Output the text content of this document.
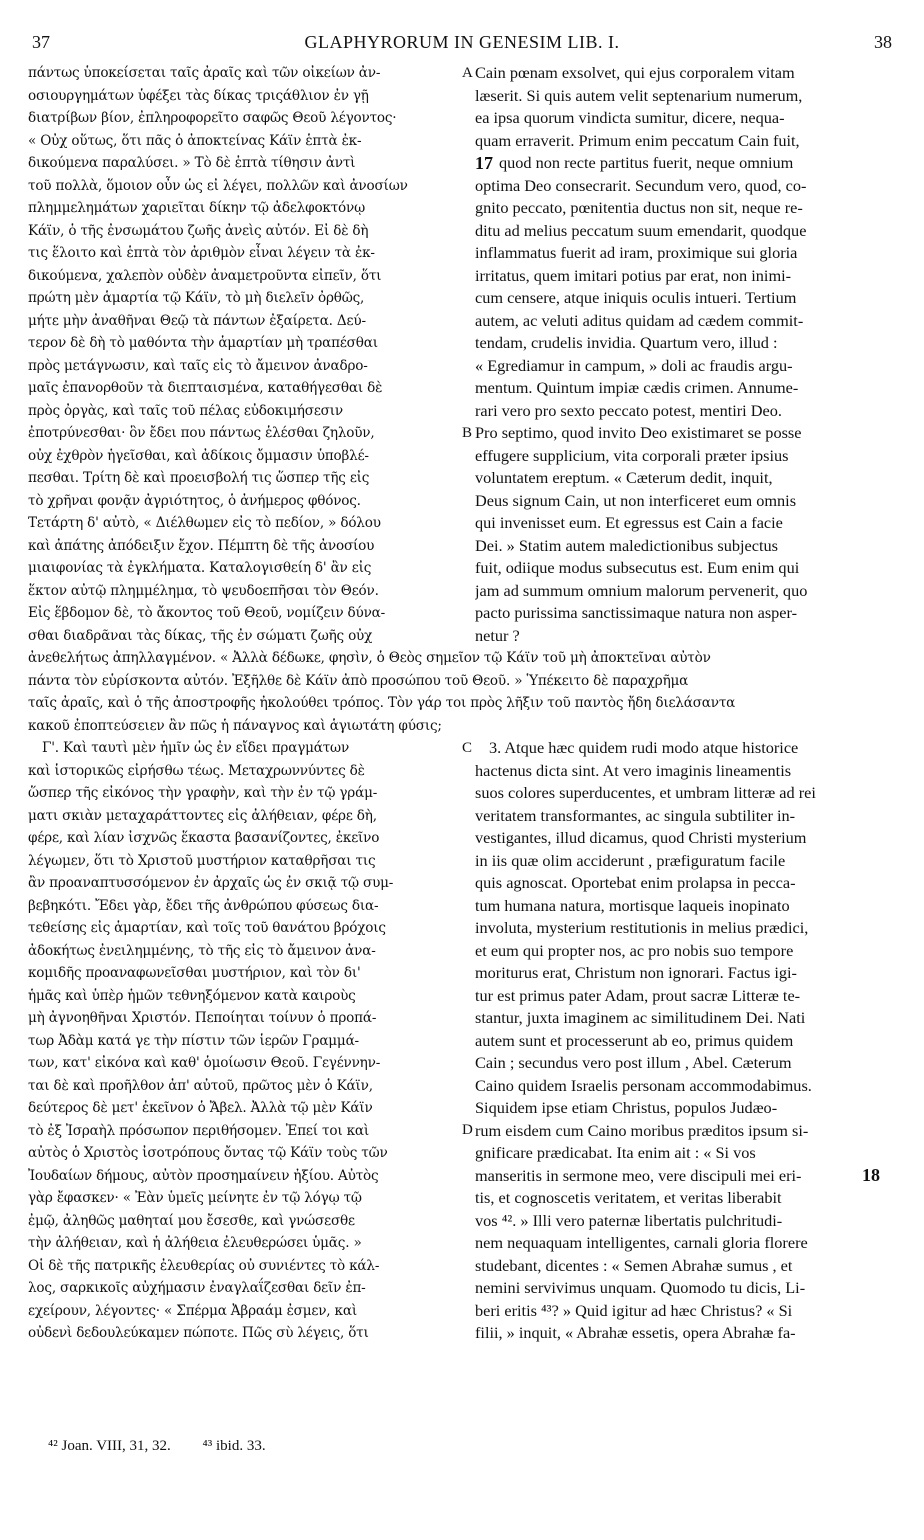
37	GLAPHYRORUM IN GENESIM LIB. I.	38
πάντως ὑποκείσεται ταῖς ἀραῖς καὶ τῶν οἰκείων ἀν-
οσιουργημάτων ὑφέξει τὰς δίκας τριςάθλιον ἐν γῇ
διατρίβων βίον, ἐπληροφορεῖτο σαφῶς Θεοῦ λέγοντος·
« Οὐχ οὕτως, ὅτι πᾶς ὁ ἀποκτείνας Κάϊν ἑπτὰ ἐκ-
δικούμενα παραλύσει. » Τὸ δὲ ἑπτὰ τίθησιν ἀντὶ
τοῦ πολλὰ, ὅμοιον οὖν ὡς εἰ λέγει, πολλῶν καὶ ἀνοσίων
πλημμελημάτων χαριεῖται δίκην τῷ ἀδελφοκτόνῳ
Κάϊν, ὁ τῆς ἐνσωμάτου ζωῆς ἀνεὶς αὐτόν. Εἰ δὲ δὴ
τις ἕλοιτο καὶ ἑπτὰ τὸν ἀριθμὸν εἶναι λέγειν τὰ ἐκ-
δικούμενα, χαλεπὸν οὐδὲν ἀναμετροῦντα εἰπεῖν, ὅτι
πρώτη μὲν ἁμαρτία τῷ Κάϊν, τὸ μὴ διελεῖν ὀρθῶς,
μήτε μὴν ἀναθῆναι Θεῷ τὰ πάντων ἐξαίρετα. Δεύ-
τερον δὲ δὴ τὸ μαθόντα τὴν ἁμαρτίαν μὴ τραπέσθαι
πρὸς μετάγνωσιν, καὶ ταῖς εἰς τὸ ἄμεινον ἀναδρο-
μαῖς ἐπανορθοῦν τὰ διεπταισμένα, καταθήγεσθαι δὲ
πρὸς ὀργὰς, καὶ ταῖς τοῦ πέλας εὐδοκιμήσεσιν
ἐποτρύνεσθαι· ὃν ἔδει που πάντως ἑλέσθαι ζηλοῦν,
οὐχ ἐχθρὸν ἡγεῖσθαι, καὶ ἀδίκοις ὄμμασιν ὑποβλέ-
πεσθαι. Τρίτη δὲ καὶ προεισβολή τις ὥσπερ τῆς εἰς
τὸ χρῆναι φονᾷν ἀγριότητος, ὁ ἀνήμερος φθόνος.
Τετάρτη δ' αὐτὸ, « Διέλθωμεν εἰς τὸ πεδίον, » δόλου
καὶ ἀπάτης ἀπόδειξιν ἔχον. Πέμπτη δὲ τῆς ἀνοσίου
μιαιφονίας τὰ ἐγκλήματα. Καταλογισθείη δ' ἂν εἰς
ἕκτον αὐτῷ πλημμέλημα, τὸ ψευδοεπῆσαι τὸν Θεόν.
Εἰς ἕβδομον δὲ, τὸ ἄκοντος τοῦ Θεοῦ, νομίζειν δύνα-
σθαι διαδρᾶναι τὰς δίκας, τῆς ἐν σώματι ζωῆς οὐχ
Cain pœnam exsolvet, qui ejus corporalem vitam
læserit. Si quis autem velit septenarium numerum,
ea ipsa quorum vindicta sumitur, dicere, nequa-
quam erraverit. Primum enim peccatum Cain fuit,
quod non recte partitus fuerit, neque omnium
optima Deo consecrarit. Secundum vero, quod, co-
gnito peccato, pœnitentia ductus non sit, neque re-
ditu ad melius peccatum suum emendarit, quodque
inflammatus fuerit ad iram, proximique sui gloria
irritatus, quem imitari potius par erat, non inimi-
cum censere, atque iniquis oculis intueri. Tertium
autem, ac veluti aditus quidam ad cædem commit-
tendam, crudelis invidia. Quartum vero, illud :
« Egrediamur in campum, » doli ac fraudis argu-
mentum. Quintum impiæ cædis crimen. Annume-
rari vero pro sexto peccato potest, mentiri Deo.
Pro septimo, quod invito Deo existimaret se posse
effugere supplicium, vita corporali præter ipsius
voluntatem ereptum. « Cæterum dedit, inquit,
Deus signum Cain, ut non interficeret eum omnis
qui invenisset eum. Et egressus est Cain a facie
Dei. » Statim autem maledictionibus subjectus
fuit, odiique modus subsecutus est. Eum enim qui
jam ad summum omnium malorum pervenerit, quo
pacto purissima sanctissimaque natura non asper-
netur ?
ἀνεθελήτως ἀπηλλαγμένον. « Ἀλλὰ δέδωκε, φησὶν, ὁ Θεὸς σημεῖον τῷ Κάϊν τοῦ μὴ ἀποκτεῖναι αὐτὸν
πάντα τὸν εὑρίσκοντα αὐτόν. Ἐξῆλθε δὲ Κάϊν ἀπὸ προσώπου τοῦ Θεοῦ. » Ὑπέκειτο δὲ παραχρῆμα
ταῖς ἀραῖς, καὶ ὁ τῆς ἀποστροφῆς ἠκολούθει τρόπος. Τὸν γάρ τοι πρὸς λῆξιν τοῦ παντὸς ἤδη διελάσαντα
κακοῦ ἐποπτεύσειεν ἂν πῶς ἡ πάναγνος καὶ ἁγιωτάτη φύσις;
Γ'. Καὶ ταυτὶ μὲν ἡμῖν ὡς ἐν εἴδει πραγμάτων
καὶ ἱστορικῶς εἰρήσθω τέως. Μεταχρωννύντες δὲ
ὥσπερ τῆς εἰκόνος τὴν γραφὴν, καὶ τὴν ἐν τῷ γράμ-
ματι σκιὰν μεταχαράττοντες εἰς ἀλήθειαν, φέρε δὴ,
φέρε, καὶ λίαν ἰσχνῶς ἕκαστα βασανίζοντες, ἐκεῖνο
λέγωμεν, ὅτι τὸ Χριστοῦ μυστήριον καταθρῆσαι τις
ἂν προαναπτυσσόμενον ἐν ἀρχαῖς ὡς ἐν σκιᾷ τῷ συμ-
βεβηκότι. Ἔδει γὰρ, ἔδει τῆς ἀνθρώπου φύσεως δια-
τεθείσης εἰς ἁμαρτίαν, καὶ τοῖς τοῦ θανάτου βρόχοις
ἀδοκήτως ἐνειλημμένης, τὸ τῆς εἰς τὸ ἄμεινον ἀνα-
κομιδῆς προαναφωνεῖσθαι μυστήριον, καὶ τὸν δι'
ἡμᾶς καὶ ὑπὲρ ἡμῶν τεθνηξόμενον κατὰ καιροὺς
μὴ ἀγνοηθῆναι Χριστόν. Πεποίηται τοίνυν ὁ προπά-
τωρ Ἀδὰμ κατά γε τὴν πίστιν τῶν ἱερῶν Γραμμά-
των, κατ' εἰκόνα καὶ καθ' ὁμοίωσιν Θεοῦ. Γεγέννην-
ται δὲ καὶ προῆλθον ἀπ' αὐτοῦ, πρῶτος μὲν ὁ Κάϊν,
δεύτερος δὲ μετ' ἐκεῖνον ὁ Ἄβελ. Ἀλλὰ τῷ μὲν Κάϊν
τὸ ἐξ Ἰσραὴλ πρόσωπον περιθήσομεν. Ἐπεί τοι καὶ
αὐτὸς ὁ Χριστὸς ἰσοτρόπους ὄντας τῷ Κάϊν τοὺς τῶν
Ἰουδαίων δήμους, αὐτὸν προσημαίνειν ἠξίου. Αὐτὸς
γὰρ ἔφασκεν· « Ἐὰν ὑμεῖς μείνητε ἐν τῷ λόγῳ τῷ
ἐμῷ, ἀληθῶς μαθηταί μου ἔσεσθε, καὶ γνώσεσθε
τὴν ἀλήθειαν, καὶ ἡ ἀλήθεια ἐλευθερώσει ὑμᾶς. »
Οἱ δὲ τῆς πατρικῆς ἐλευθερίας οὐ συνιέντες τὸ κάλ-
λος, σαρκικοῖς αὐχήμασιν ἐναγλαΐζεσθαι δεῖν ἐπ-
εχείρουν, λέγοντες· « Σπέρμα Ἀβραάμ ἐσμεν, καὶ
οὐδενὶ δεδουλεύκαμεν πώποτε. Πῶς σὺ λέγεις, ὅτι
3. Atque hæc quidem rudi modo atque historice
hactenus dicta sint. At vero imaginis lineamentis
suos colores superducentes, et umbram litteræ ad rei
veritatem transformantes, ac singula subtiliter in-
vestigantes, illud dicamus, quod Christi mysterium
in iis quæ olim acciderunt , præfiguratum facile
quis agnoscat. Oportebat enim prolapsa in pecca-
tum humana natura, mortisque laqueis inopinato
involuta, mysterium restitutionis in melius prædici,
et eum qui propter nos, ac pro nobis suo tempore
moriturus erat, Christum non ignorari. Factus igi-
tur est primus pater Adam, prout sacræ Litteræ te-
stantur, juxta imaginem ac similitudinem Dei. Nati
autem sunt et processerunt ab eo, primus quidem
Cain ; secundus vero post illum , Abel. Cæterum
Caino quidem Israelis personam accommodabimus.
Siquidem ipse etiam Christus, populos Judæo-
rum eisdem cum Caino moribus præditos ipsum si-
gnificare prædicabat. Ita enim ait : « Si vos
manseritis in sermone meo, vere discipuli mei eri-
tis, et cognoscetis veritatem, et veritas liberabit
vos ⁴². » Illi vero paternæ libertatis pulchritudi-
nem nequaquam intelligentes, carnali gloria florere
studebant, dicentes : « Semen Abrahæ sumus , et
nemini servivimus unquam. Quomodo tu dicis, Li-
beri eritis ⁴³? » Quid igitur ad hæc Christus? « Si
filii, » inquit, « Abrahæ essetis, opera Abrahæ fa-
A
B
C
D
17
18
⁴² Joan. VIII, 31, 32. ⁴³ ibid. 33.
